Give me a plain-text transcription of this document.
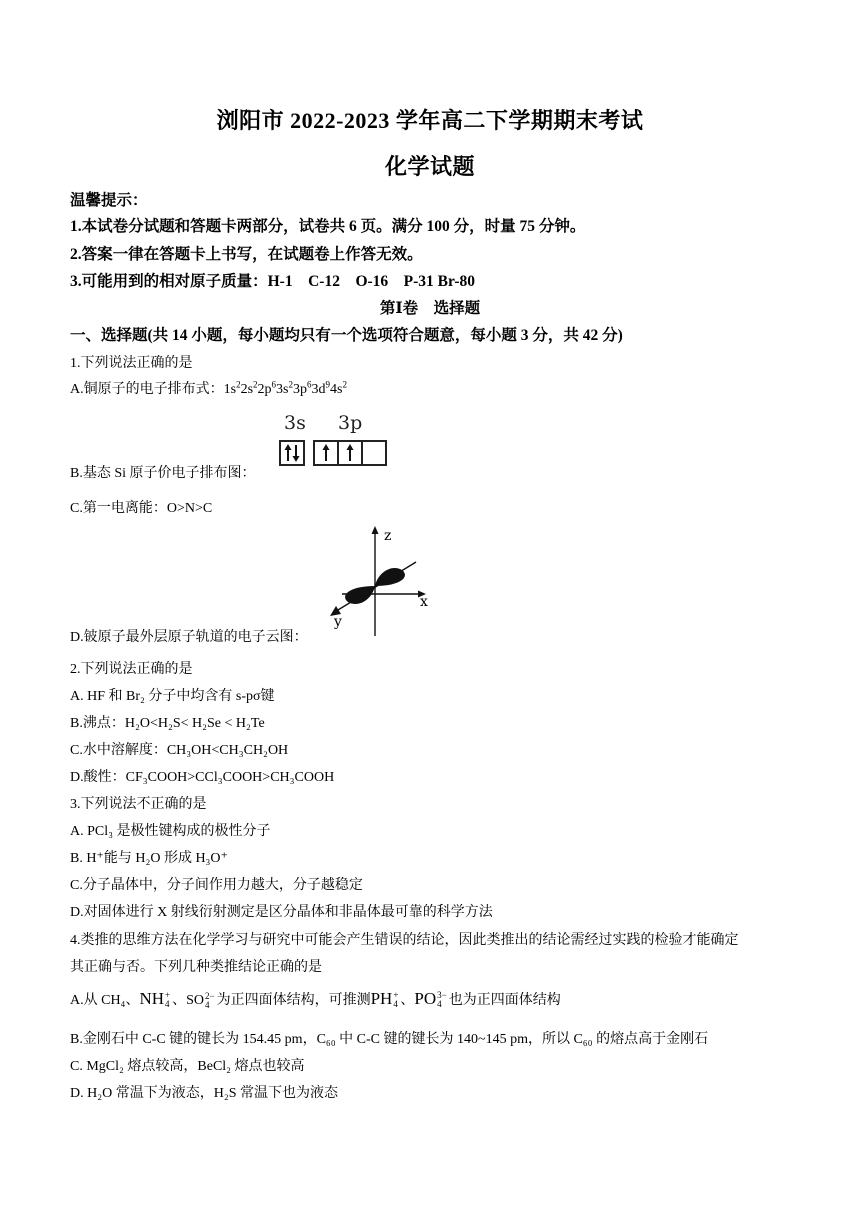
浏阳市 2022-2023 学年高二下学期期末考试
化学试题
温馨提示：
1.本试卷分试题和答题卡两部分，试卷共 6 页。满分 100 分，时量 75 分钟。
2.答案一律在答题卡上书写，在试题卷上作答无效。
3.可能用到的相对原子质量：H-1　C-12　O-16　P-31 Br-80
第Ⅰ卷　选择题
一、选择题(共 14 小题，每小题均只有一个选项符合题意，每小题 3 分，共 42 分)
1.下列说法正确的是
A.铜原子的电子排布式：$1s^22s^22p^63s^23p^63d^94s^2$
3s 3p
B.基态 Si 原子价电子排布图：
C.第一电离能：O>N>C
z
x
y
D.铍原子最外层原子轨道的电子云图：
2.下列说法正确的是
A. HF 和 Br₂ 分子中均含有 s-pσ键
B.沸点：H₂O<H₂S< H₂Se < H₂Te
C.水中溶解度：CH₃OH<CH₃CH₂OH
D.酸性：CF₃COOH>CCl₃COOH>CH₃COOH
3.下列说法不正确的是
A. PCl₃ 是极性键构成的极性分子
B. H⁺能与 H₂O 形成 H₃O⁺
C.分子晶体中，分子间作用力越大，分子越稳定
D.对固体进行 X 射线衍射测定是区分晶体和非晶体最可靠的科学方法
4.类推的思维方法在化学学习与研究中可能会产生错误的结论，因此类推出的结论需经过实践的检验才能确定
其正确与否。下列几种类推结论正确的是
A.从 CH₄、NH+
4 、SO2−
4 为正四面体结构，可推测PH+
4 、PO3−
4 也为正四面体结构
B.金刚石中 C-C 键的键长为 154.45 pm，C₆₀ 中 C-C 键的键长为 140~145 pm，所以 C₆₀ 的熔点高于金刚石
C. MgCl₂ 熔点较高，BeCl₂ 熔点也较高
D. H₂O 常温下为液态，H₂S 常温下也为液态
